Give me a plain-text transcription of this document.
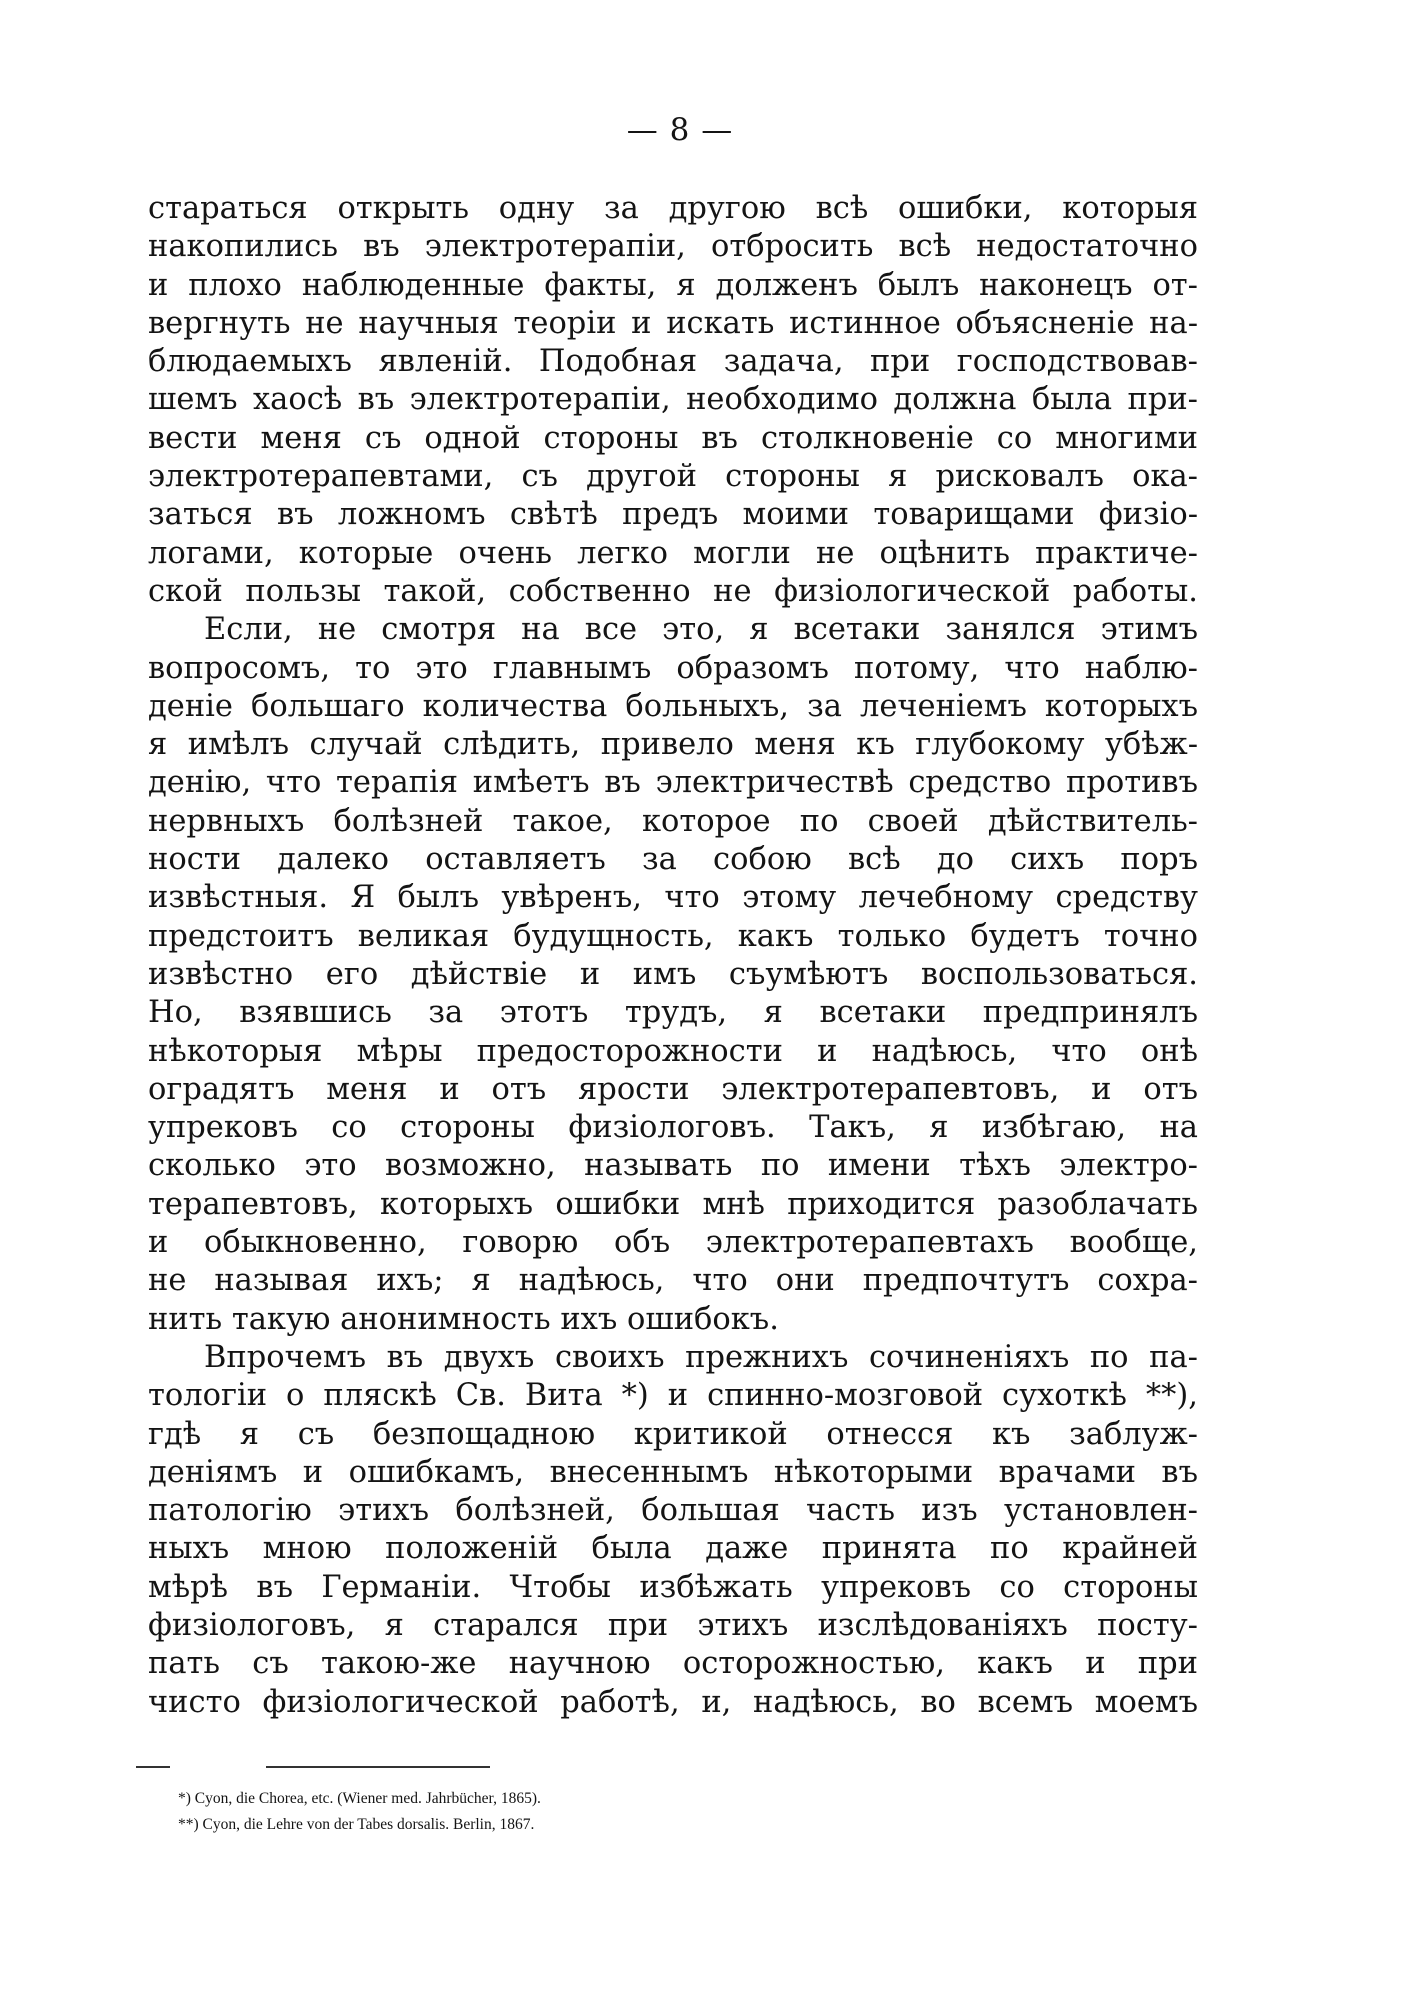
— 8 —
стараться открыть одну за другою всѣ ошибки, которыя
накопились въ электротерапіи, отбросить всѣ недостаточно
и плохо наблюденные факты, я долженъ былъ наконецъ от-
вергнуть не научныя теоріи и искать истинное объясненіе на-
блюдаемыхъ явленій. Подобная задача, при господствовав-
шемъ хаосѣ въ электротерапіи, необходимо должна была при-
вести меня съ одной стороны въ столкновеніе со многими
электротерапевтами, съ другой стороны я рисковалъ ока-
заться въ ложномъ свѣтѣ предъ моими товарищами физіо-
логами, которые очень легко могли не оцѣнить практиче-
ской пользы такой, собственно не физіологической работы.
Если, не смотря на все это, я всетаки занялся этимъ
вопросомъ, то это главнымъ образомъ потому, что наблю-
деніе большаго количества больныхъ, за леченіемъ которыхъ
я имѣлъ случай слѣдить, привело меня къ глубокому убѣж-
денію, что терапія имѣетъ въ электричествѣ средство противъ
нервныхъ болѣзней такое, которое по своей дѣйствитель-
ности далеко оставляетъ за собою всѣ до сихъ поръ
извѣстныя. Я былъ увѣренъ, что этому лечебному средству
предстоитъ великая будущность, какъ только будетъ точно
извѣстно его дѣйствіе и имъ съумѣютъ воспользоваться.
Но, взявшись за этотъ трудъ, я всетаки предпринялъ
нѣкоторыя мѣры предосторожности и надѣюсь, что онѣ
оградятъ меня и отъ ярости электротерапевтовъ, и отъ
упрековъ со стороны физіологовъ. Такъ, я избѣгаю, на
сколько это возможно, называть по имени тѣхъ электро-
терапевтовъ, которыхъ ошибки мнѣ приходится разоблачать
и обыкновенно, говорю объ электротерапевтахъ вообще,
не называя ихъ; я надѣюсь, что они предпочтутъ сохра-
нить такую анонимность ихъ ошибокъ.
Впрочемъ въ двухъ своихъ прежнихъ сочиненіяхъ по па-
тологіи о пляскѣ Св. Вита *) и спинно-мозговой сухоткѣ **),
гдѣ я съ безпощадною критикой отнесся къ заблуж-
деніямъ и ошибкамъ, внесеннымъ нѣкоторыми врачами въ
патологію этихъ болѣзней, большая часть изъ установлен-
ныхъ мною положеній была даже принята по крайней
мѣрѣ въ Германіи. Чтобы избѣжать упрековъ со стороны
физіологовъ, я старался при этихъ изслѣдованіяхъ посту-
пать съ такою-же научною осторожностью, какъ и при
чисто физіологической работѣ, и, надѣюсь, во всемъ моемъ
*) Cyon, die Chorea, etc. (Wiener med. Jahrbücher, 1865).
**) Cyon, die Lehre von der Tabes dorsalis. Berlin, 1867.
